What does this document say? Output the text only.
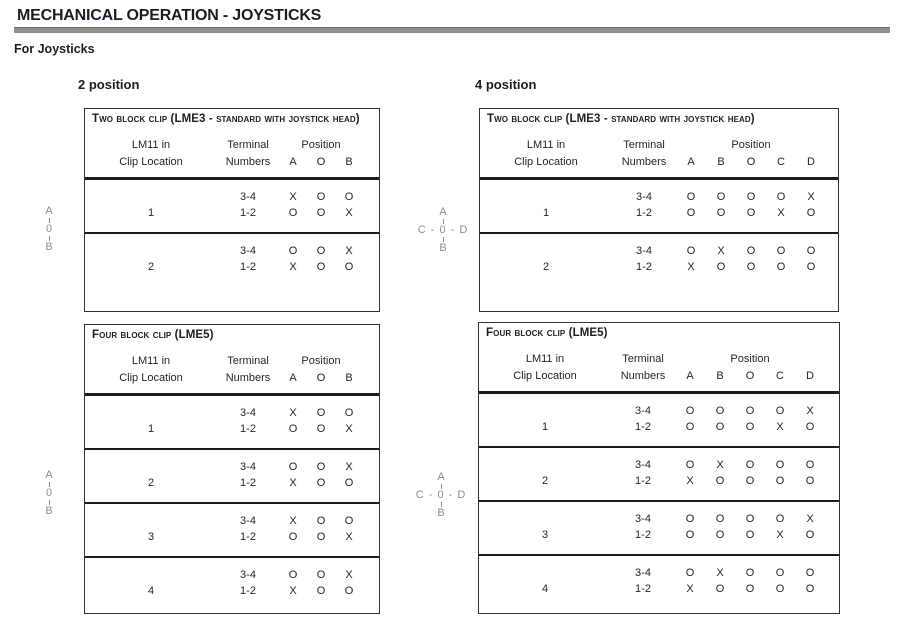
MECHANICAL OPERATION - JOYSTICKS
For Joysticks
2 position	4 position
A
0
B
A
C - 0 - D
B
A
0
B
A
C - 0 - D
B
Two block clip (LME3 - standard with joystick head)
LM11 in	Terminal	Position
Clip Location	Numbers	A	O	B
3-4	X	O	O
1	1-2	O	O	X
3-4	O	O	X
2	1-2	X	O	O
Two block clip (LME3 - standard with joystick head)
LM11 in	Terminal	Position
Clip Location	Numbers	A	B	O	C	D
3-4	O	O	O	O	X
1	1-2	O	O	O	X	O
3-4	O	X	O	O	O
2	1-2	X	O	O	O	O
Four block clip (LME5)
LM11 in	Terminal	Position
Clip Location	Numbers	A	O	B
3-4	X	O	O
1	1-2	O	O	X
3-4	O	O	X
2	1-2	X	O	O
3-4	X	O	O
3	1-2	O	O	X
3-4	O	O	X
4	1-2	X	O	O
Four block clip (LME5)
LM11 in	Terminal	Position
Clip Location	Numbers	A	B	O	C	D
3-4	O	O	O	O	X
1	1-2	O	O	O	X	O
3-4	O	X	O	O	O
2	1-2	X	O	O	O	O
3-4	O	O	O	O	X
3	1-2	O	O	O	X	O
3-4	O	X	O	O	O
4	1-2	X	O	O	O	O
